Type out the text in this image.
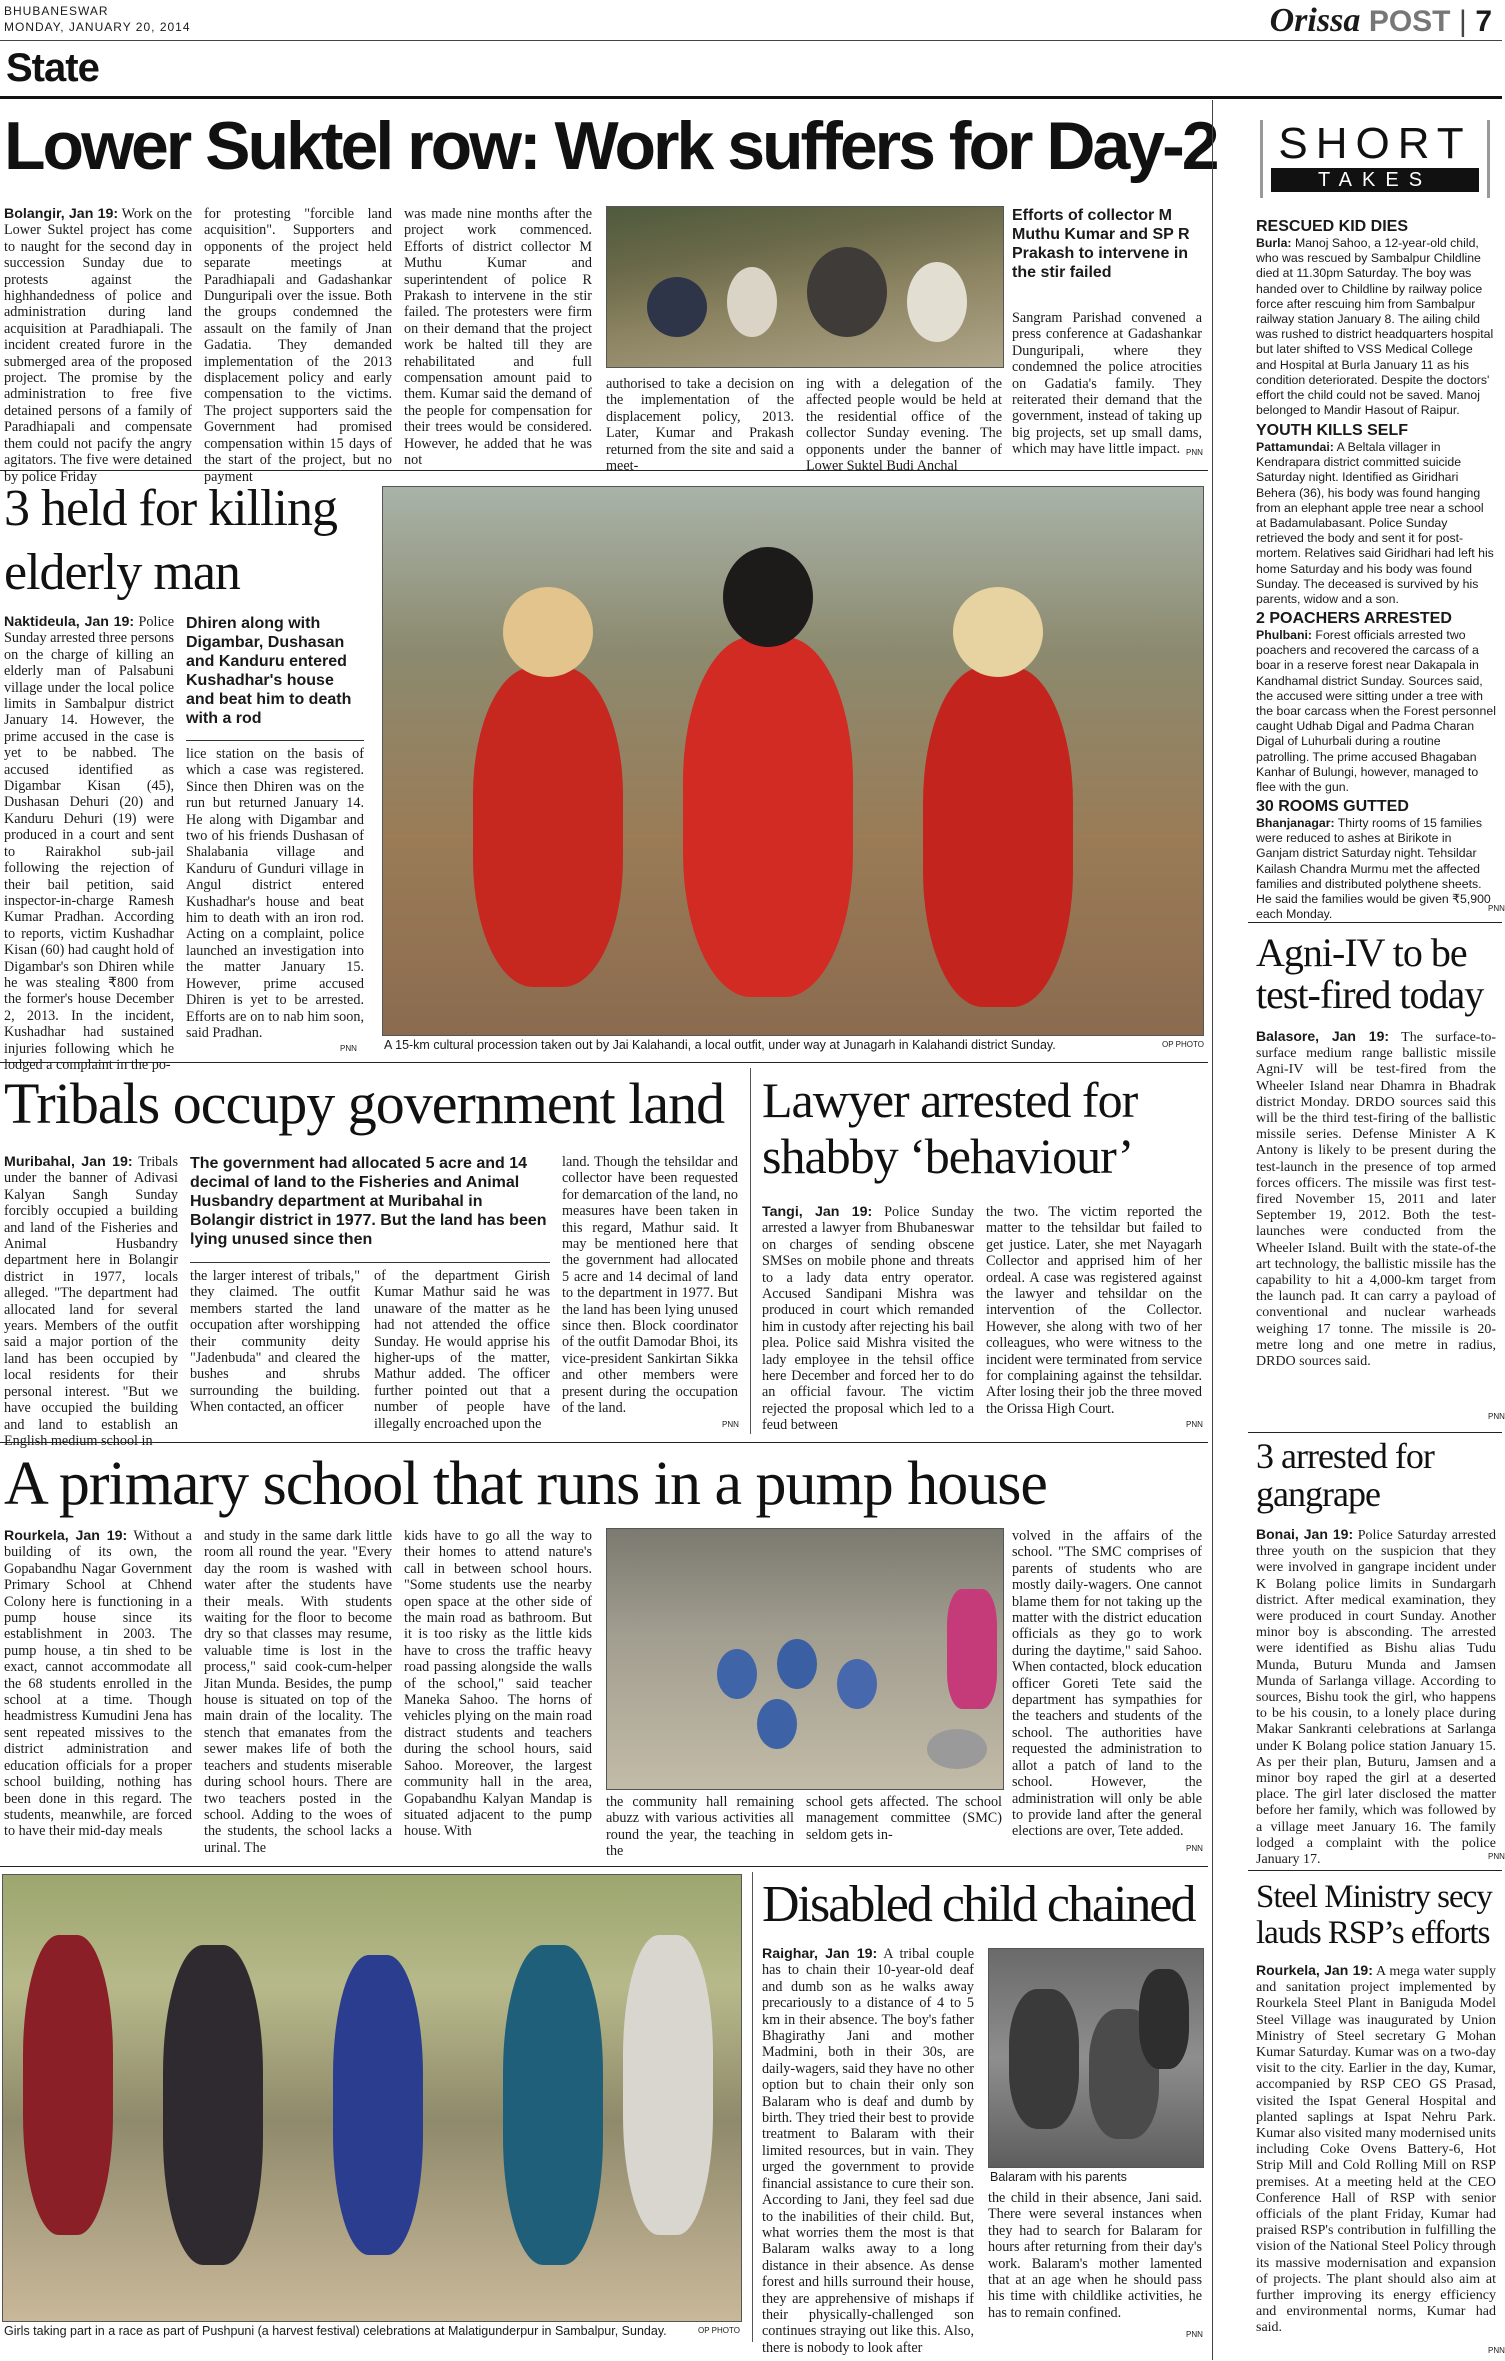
BHUBANESWAR
MONDAY, JANUARY 20, 2014	Orissa POST | 7
State
Lower Suktel row: Work suffers for Day-2

Bolangir, Jan 19: Work on the Lower Suktel project has come to naught for the second day in succession Sunday due to protests against the highhandedness of police and administration during land acquisition at Paradhiapali. The incident created furore in the submerged area of the proposed project. The promise by the administration to free five detained persons of a family of Paradhiapali and compensate them could not pacify the angry agitators. The five were detained by police Friday

for protesting "forcible land acquisition". Supporters and opponents of the project held separate meetings at Paradhiapali and Gadashankar Dunguripali over the issue. Both the groups condemned the assault on the family of Jnan Gadatia. They demanded implementation of the 2013 displacement policy and early compensation to the victims. The project supporters said the Government had promised compensation within 15 days of the start of the project, but no payment

was made nine months after the project work commenced. Efforts of district collector M Muthu Kumar and superintendent of police R Prakash to intervene in the stir failed. The protesters were firm on their demand that the project work be halted till they are rehabilitated and full compensation amount paid to them. Kumar said the demand of the people for compensation for their trees would be considered. However, he added that he was not

Efforts of collector M Muthu Kumar and SP R Prakash to intervene in the stir failed

authorised to take a decision on the implementation of the displacement policy, 2013. Later, Kumar and Prakash returned from the site and said a meet-

ing with a delegation of the affected people would be held at the residential office of the collector Sunday evening. The opponents under the banner of Lower Suktel Budi Anchal

Sangram Parishad convened a press conference at Gadashankar Dunguripali, where they condemned the police atrocities on Gadatia's family. They reiterated their demand that the government, instead of taking up big projects, set up small dams, which may have little impact. PNN
3 held for killing
elderly man

Naktideula, Jan 19: Police Sunday arrested three persons on the charge of killing an elderly man of Palsabuni village under the local police limits in Sambalpur district January 14. However, the prime accused in the case is yet to be nabbed. The accused identified as Digambar Kisan (45), Dushasan Dehuri (20) and Kanduru Dehuri (19) were produced in a court and sent to Rairakhol sub-jail following the rejection of their bail petition, said inspector-in-charge Ramesh Kumar Pradhan. According to reports, victim Kushadhar Kisan (60) had caught hold of Digambar's son Dhiren while he was stealing ₹800 from the former's house December 2, 2013. In the incident, Kushadhar had sustained injuries following which he lodged a complaint in the po-

Dhiren along with Digambar, Dushasan and Kanduru entered Kushadhar's house and beat him to death with a rod

lice station on the basis of which a case was registered. Since then Dhiren was on the run but returned January 14. He along with Digambar and two of his friends Dushasan of Shalabania village and Kanduru of Gunduri village in Angul district entered Kushadhar's house and beat him to death with an iron rod. Acting on a complaint, police launched an investigation into the matter January 15. However, prime accused Dhiren is yet to be arrested. Efforts are on to nab him soon, said Pradhan.

PNN A 15-km cultural procession taken out by Jai Kalahandi, a local outfit, under way at Junagarh in Kalahandi district Sunday.	OP PHOTO
Tribals occupy government land

Muribahal, Jan 19: Tribals under the banner of Adivasi Kalyan Sangh Sunday forcibly occupied a building and land of the Fisheries and Animal Husbandry department here in Bolangir district in 1977, locals alleged. "The department had allocated land for several years. Members of the outfit said a major portion of the land has been occupied by local residents for their personal interest. "But we have occupied the building and land to establish an English medium school in

The government had allocated 5 acre and 14 decimal of land to the Fisheries and Animal Husbandry department at Muribahal in Bolangir district in 1977. But the land has been lying unused since then

the larger interest of tribals," they claimed. The outfit members started the land occupation after worshipping their community deity "Jadenbuda" and cleared the bushes and shrubs surrounding the building. When contacted, an officer

of the department Girish Kumar Mathur said he was unaware of the matter as he had not attended the office Sunday. He would apprise his higher-ups of the matter, Mathur added. The officer further pointed out that a number of people have illegally encroached upon the

land. Though the tehsildar and collector have been requested for demarcation of the land, no measures have been taken in this regard, Mathur said. It may be mentioned here that the government had allocated 5 acre and 14 decimal of land to the department in 1977. But the land has been lying unused since then. Block coordinator of the outfit Damodar Bhoi, its vice-president Sankirtan Sikka and other members were present during the occupation of the land.

PNN
Lawyer arrested for
shabby ‘behaviour’

Tangi, Jan 19: Police Sunday arrested a lawyer from Bhubaneswar on charges of sending obscene SMSes on mobile phone and threats to a lady data entry operator. Accused Sandipani Mishra was produced in court which remanded him in custody after rejecting his bail plea. Police said Mishra visited the lady employee in the tehsil office here December and forced her to do an official favour. The victim rejected the proposal which led to a feud between

the two. The victim reported the matter to the tehsildar but failed to get justice. Later, she met Nayagarh Collector and apprised him of her ordeal. A case was registered against the lawyer and tehsildar on the intervention of the Collector. However, she along with two of her colleagues, who were witness to the incident were terminated from service for complaining against the tehsildar. After losing their job the three moved the Orissa High Court.

PNN
A primary school that runs in a pump house

Rourkela, Jan 19: Without a building of its own, the Gopabandhu Nagar Government Primary School at Chhend Colony here is functioning in a pump house since its establishment in 2003. The pump house, a tin shed to be exact, cannot accommodate all the 68 students enrolled in the school at a time. Though headmistress Kumudini Jena has sent repeated missives to the district administration and education officials for a proper school building, nothing has been done in this regard. The students, meanwhile, are forced to have their mid-day meals

and study in the same dark little room all round the year. "Every day the room is washed with water after the students have their meals. With students waiting for the floor to become dry so that classes may resume, valuable time is lost in the process," said cook-cum-helper Jitan Munda. Besides, the pump house is situated on top of the main drain of the locality. The stench that emanates from the sewer makes life of both the teachers and students miserable during school hours. There are two teachers posted in the school. Adding to the woes of the students, the school lacks a urinal. The

kids have to go all the way to their homes to attend nature's call in between school hours. "Some students use the nearby open space at the other side of the main road as bathroom. But it is too risky as the little kids have to cross the traffic heavy road passing alongside the walls of the school," said teacher Maneka Sahoo. The horns of vehicles plying on the main road distract students and teachers during the school hours, said Sahoo. Moreover, the largest community hall in the area, Gopabandhu Kalyan Mandap is situated adjacent to the pump house. With

the community hall remaining abuzz with various activities all round the year, the teaching in the

school gets affected. The school management committee (SMC) seldom gets in-

volved in the affairs of the school. "The SMC comprises of parents of students who are mostly daily-wagers. One cannot blame them for not taking up the matter with the district education officials as they go to work during the daytime," said Sahoo. When contacted, block education officer Goreti Tete said the department has sympathies for the teachers and students of the school. The authorities have requested the administration to allot a patch of land to the school. However, the administration will only be able to provide land after the general elections are over, Tete added.

PNN
Girls taking part in a race as part of Pushpuni (a harvest festival) celebrations at Malatigunderpur in Sambalpur, Sunday.	OP PHOTO
Disabled child chained

Raighar, Jan 19: A tribal couple has to chain their 10-year-old deaf and dumb son as he walks away precariously to a distance of 4 to 5 km in their absence. The boy's father Bhagirathy Jani and mother Madmini, both in their 30s, are daily-wagers, said they have no other option but to chain their only son Balaram who is deaf and dumb by birth. They tried their best to provide treatment to Balaram with their limited resources, but in vain. They urged the government to provide financial assistance to cure their son. According to Jani, they feel sad due to the inabilities of their child. But, what worries them the most is that Balaram walks away to a long distance in their absence. As dense forest and hills surround their house, they are apprehensive of mishaps if their physically-challenged son continues straying out like this. Also, there is nobody to look after

Balaram with his parents

the child in their absence, Jani said. There were several instances when they had to search for Balaram for hours after returning from their day's work. Balaram's mother lamented that at an age when he should pass his time with childlike activities, he has to remain confined.

PNN
SHORT
TAKES
RESCUED KID DIES
Burla: Manoj Sahoo, a 12-year-old child, who was rescued by Sambalpur Childline died at 11.30pm Saturday. The boy was handed over to Childline by railway police force after rescuing him from Sambalpur railway station January 8. The ailing child was rushed to district headquarters hospital but later shifted to VSS Medical College and Hospital at Burla January 11 as his condition deteriorated. Despite the doctors' effort the child could not be saved. Manoj belonged to Mandir Hasout of Raipur.
YOUTH KILLS SELF
Pattamundai: A Beltala villager in Kendrapara district committed suicide Saturday night. Identified as Giridhari Behera (36), his body was found hanging from an elephant apple tree near a school at Badamulabasant. Police Sunday retrieved the body and sent it for post-mortem. Relatives said Giridhari had left his home Saturday and his body was found Sunday. The deceased is survived by his parents, widow and a son.
2 POACHERS ARRESTED
Phulbani: Forest officials arrested two poachers and recovered the carcass of a boar in a reserve forest near Dakapala in Kandhamal district Sunday. Sources said, the accused were sitting under a tree with the boar carcass when the Forest personnel caught Udhab Digal and Padma Charan Digal of Luhurbali during a routine patrolling. The prime accused Bhagaban Kanhar of Bulungi, however, managed to flee with the gun.
30 ROOMS GUTTED
Bhanjanagar: Thirty rooms of 15 families were reduced to ashes at Birikote in Ganjam district Saturday night. Tehsildar Kailash Chandra Murmu met the affected families and distributed polythene sheets. He said the families would be given ₹5,900 each Monday.	PNN
Agni-IV to be
test-fired today

Balasore, Jan 19: The surface-to-surface medium range ballistic missile Agni-IV will be test-fired from the Wheeler Island near Dhamra in Bhadrak district Monday. DRDO sources said this will be the third test-firing of the ballistic missile series. Defense Minister A K Antony is likely to be present during the test-launch in the presence of top armed forces officers. The missile was first test-fired November 15, 2011 and later September 19, 2012. Both the test-launches were conducted from the Wheeler Island. Built with the state-of-the art technology, the ballistic missile has the capability to hit a 4,000-km target from the launch pad. It can carry a payload of conventional and nuclear warheads weighing 17 tonne. The missile is 20-metre long and one metre in radius, DRDO sources said.

PNN
3 arrested for
gangrape

Bonai, Jan 19: Police Saturday arrested three youth on the suspicion that they were involved in gangrape incident under K Bolang police limits in Sundargarh district. After medical examination, they were produced in court Sunday. Another minor boy is absconding. The arrested were identified as Bishu alias Tudu Munda, Buturu Munda and Jamsen Munda of Sarlanga village. According to sources, Bishu took the girl, who happens to be his cousin, to a lonely place during Makar Sankranti celebrations at Sarlanga under K Bolang police station January 15. As per their plan, Buturu, Jamsen and a minor boy raped the girl at a deserted place. The girl later disclosed the matter before her family, which was followed by a village meet January 16. The family lodged a complaint with the police January 17.	PNN
Steel Ministry secy
lauds RSP’s efforts

Rourkela, Jan 19: A mega water supply and sanitation project implemented by Rourkela Steel Plant in Baniguda Model Steel Village was inaugurated by Union Ministry of Steel secretary G Mohan Kumar Saturday. Kumar was on a two-day visit to the city. Earlier in the day, Kumar, accompanied by RSP CEO GS Prasad, visited the Ispat General Hospital and planted saplings at Ispat Nehru Park. Kumar also visited many modernised units including Coke Ovens Battery-6, Hot Strip Mill and Cold Rolling Mill on RSP premises. At a meeting held at the CEO Conference Hall of RSP with senior officials of the plant Friday, Kumar had praised RSP's contribution in fulfilling the vision of the National Steel Policy through its massive modernisation and expansion of projects. The plant should also aim at further improving its energy efficiency and environmental norms, Kumar had said.

PNN
